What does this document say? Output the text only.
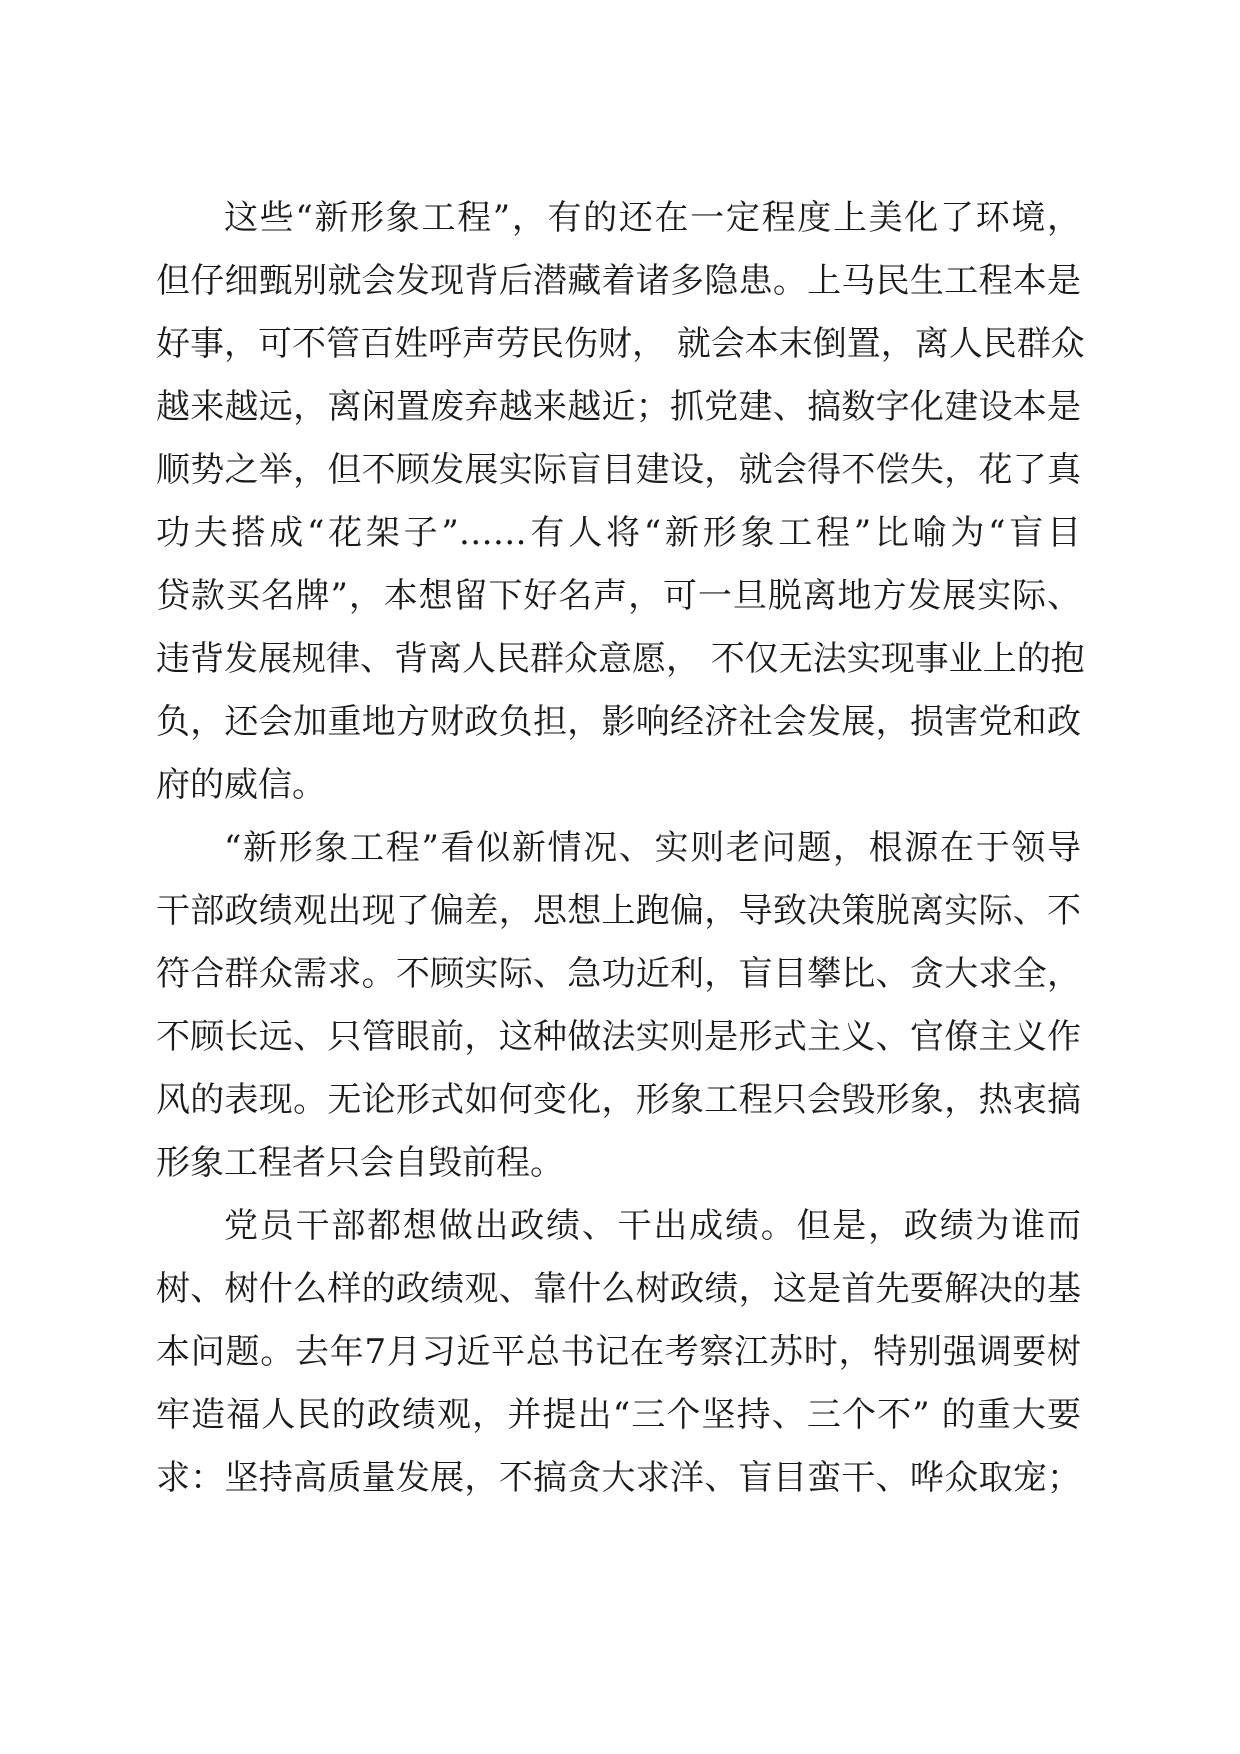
这些“新形象工程”，有的还在一定程度上美化了环境，
但仔细甄别就会发现背后潜藏着诸多隐患。上马民生工程本是
好事，可不管百姓呼声劳民伤财， 就会本末倒置，离人民群众
越来越远，离闲置废弃越来越近；抓党建、搞数字化建设本是
顺势之举，但不顾发展实际盲目建设，就会得不偿失，花了真
功夫搭成“花架子”……有人将“新形象工程”比喻为“盲目
贷款买名牌”，本想留下好名声，可一旦脱离地方发展实际、
违背发展规律、背离人民群众意愿， 不仅无法实现事业上的抱
负，还会加重地方财政负担，影响经济社会发展，损害党和政
府的威信。
“新形象工程”看似新情况、实则老问题，根源在于领导
干部政绩观出现了偏差，思想上跑偏，导致决策脱离实际、不
符合群众需求。不顾实际、急功近利，盲目攀比、贪大求全，
不顾长远、只管眼前，这种做法实则是形式主义、官僚主义作
风的表现。无论形式如何变化，形象工程只会毁形象，热衷搞
形象工程者只会自毁前程。
党员干部都想做出政绩、干出成绩。但是，政绩为谁而
树、树什么样的政绩观、靠什么树政绩，这是首先要解决的基
本问题。去年7月习近平总书记在考察江苏时，特别强调要树
牢造福人民的政绩观，并提出“三个坚持、三个不” 的重大要
求：坚持高质量发展，不搞贪大求洋、盲目蛮干、哗众取宠；
